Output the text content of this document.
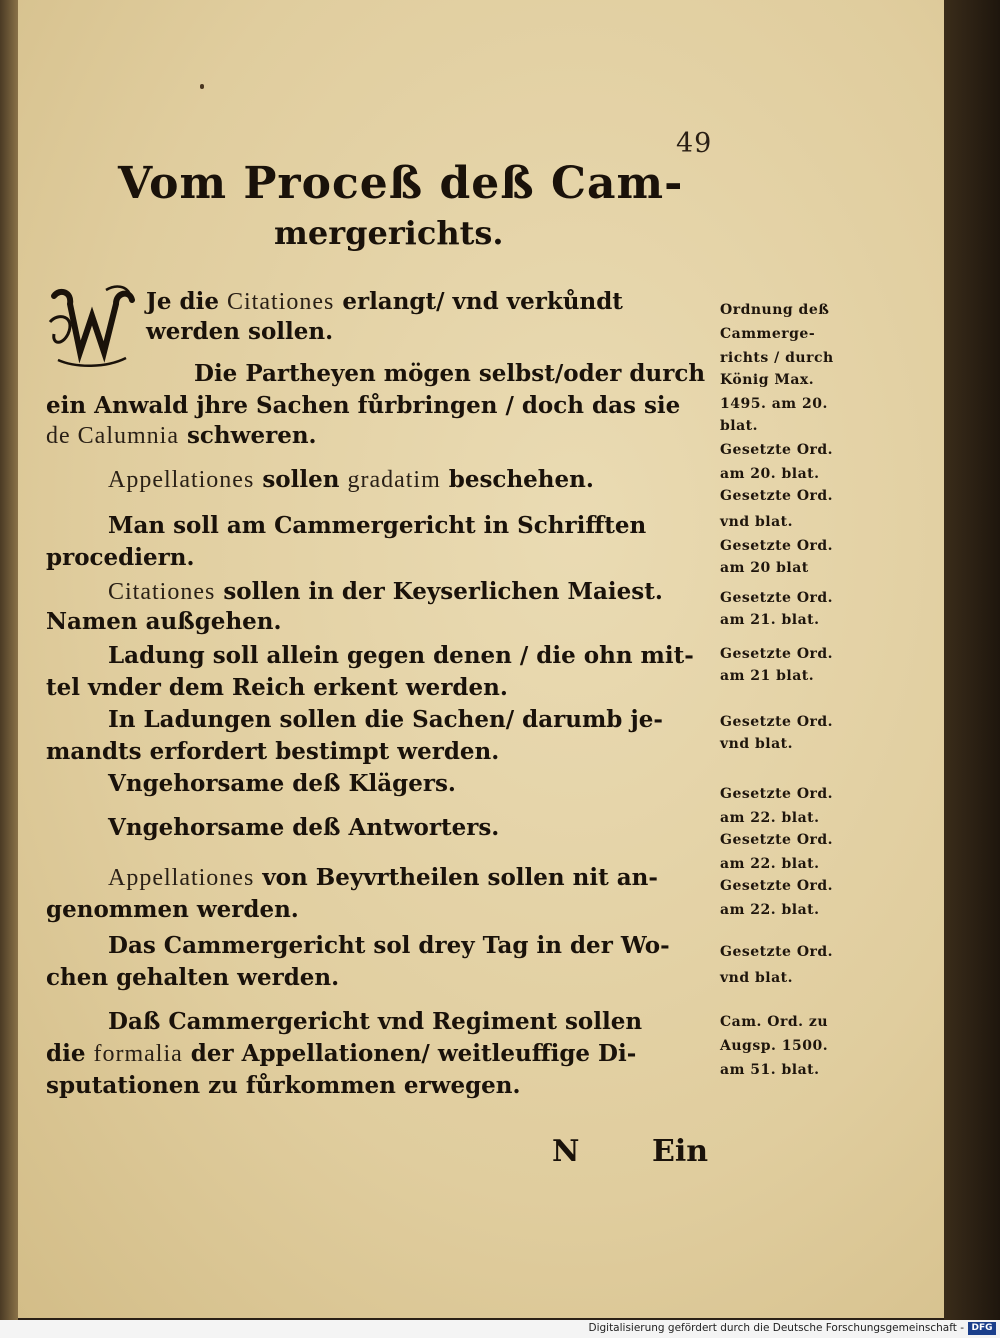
49
Vom Proceß deß Cam-
mergerichts.
W
Je die Citationes erlangt/ vnd verkůndt
werden sollen.
Die Partheyen mögen selbst/oder durch
ein Anwald jhre Sachen fůrbringen / doch das sie
de Calumnia schweren.
Appellationes sollen gradatim beschehen.
Man soll am Cammergericht in Schrifften
procediern.
Citationes sollen in der Keyserlichen Maiest.
Namen außgehen.
Ladung soll allein gegen denen / die ohn mit-
tel vnder dem Reich erkent werden.
In Ladungen sollen die Sachen/ darumb je-
mandts erfordert bestimpt werden.
Vngehorsame deß Klägers.
Vngehorsame deß Antworters.
Appellationes von Beyvrtheilen sollen nit an-
genommen werden.
Das Cammergericht sol drey Tag in der Wo-
chen gehalten werden.
Daß Cammergericht vnd Regiment sollen
die formalia der Appellationen/ weitleuffige Di-
sputationen zu fůrkommen erwegen.
Ordnung deß
Cammerge-
richts / durch
König Max.
1495. am 20.
blat.
Gesetzte Ord.
am 20. blat.
Gesetzte Ord.
vnd blat.
Gesetzte Ord.
am 20 blat
Gesetzte Ord.
am 21. blat.
Gesetzte Ord.
am 21 blat.
Gesetzte Ord.
vnd blat.
Gesetzte Ord.
am 22. blat.
Gesetzte Ord.
am 22. blat.
Gesetzte Ord.
am 22. blat.
Gesetzte Ord.
vnd blat.
Cam. Ord. zu
Augsp. 1500.
am 51. blat.
N Ein
Digitalisierung gefördert durch die Deutsche Forschungsgemeinschaft - DFG
